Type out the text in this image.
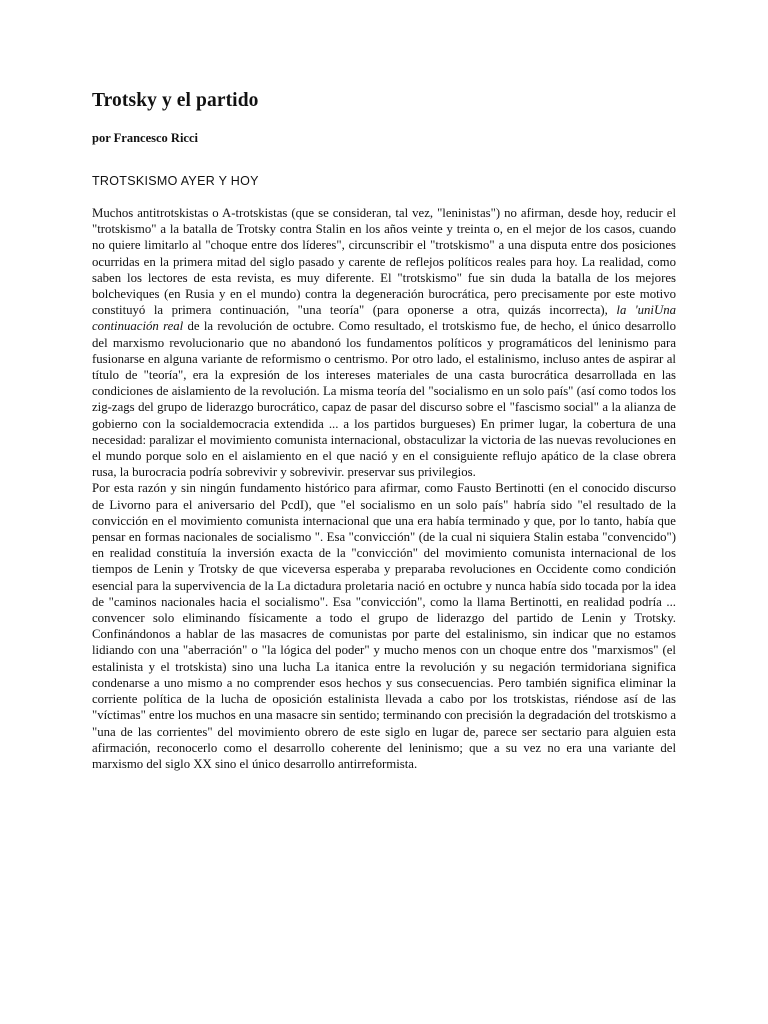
Trotsky y el partido
por Francesco Ricci
TROTSKISMO AYER Y HOY

Muchos antitrotskistas o A-trotskistas (que se consideran, tal vez, "leninistas") no afirman, desde hoy, reducir el "trotskismo" a la batalla de Trotsky contra Stalin en los años veinte y treinta o, en el mejor de los casos, cuando no quiere limitarlo al "choque entre dos líderes", circunscribir el "trotskismo" a una disputa entre dos posiciones ocurridas en la primera mitad del siglo pasado y carente de reflejos políticos reales para hoy. La realidad, como saben los lectores de esta revista, es muy diferente. El "trotskismo" fue sin duda la batalla de los mejores bolcheviques (en Rusia y en el mundo) contra la degeneración burocrática, pero precisamente por este motivo constituyó la primera continuación, "una teoría" (para oponerse a otra, quizás incorrecta), la 'uniUna continuación real de la revolución de octubre. Como resultado, el trotskismo fue, de hecho, el único desarrollo del marxismo revolucionario que no abandonó los fundamentos políticos y programáticos del leninismo para fusionarse en alguna variante de reformismo o centrismo. Por otro lado, el estalinismo, incluso antes de aspirar al título de "teoría", era la expresión de los intereses materiales de una casta burocrática desarrollada en las condiciones de aislamiento de la revolución. La misma teoría del "socialismo en un solo país" (así como todos los zig-zags del grupo de liderazgo burocrático, capaz de pasar del discurso sobre el "fascismo social" a la alianza de gobierno con la socialdemocracia extendida ... a los partidos burgueses) En primer lugar, la cobertura de una necesidad: paralizar el movimiento comunista internacional, obstaculizar la victoria de las nuevas revoluciones en el mundo porque solo en el aislamiento en el que nació y en el consiguiente reflujo apático de la clase obrera rusa, la burocracia podría sobrevivir y sobrevivir. preservar sus privilegios.

Por esta razón y sin ningún fundamento histórico para afirmar, como Fausto Bertinotti (en el conocido discurso de Livorno para el aniversario del PcdI), que "el socialismo en un solo país" habría sido "el resultado de la convicción en el movimiento comunista internacional que una era había terminado y que, por lo tanto, había que pensar en formas nacionales de socialismo ". Esa "convicción" (de la cual ni siquiera Stalin estaba "convencido") en realidad constituía la inversión exacta de la "convicción" del movimiento comunista internacional de los tiempos de Lenin y Trotsky de que viceversa esperaba y preparaba revoluciones en Occidente como condición esencial para la supervivencia de la La dictadura proletaria nació en octubre y nunca había sido tocada por la idea de "caminos nacionales hacia el socialismo". Esa "convicción", como la llama Bertinotti, en realidad podría ... convencer solo eliminando físicamente a todo el grupo de liderazgo del partido de Lenin y Trotsky. Confinándonos a hablar de las masacres de comunistas por parte del estalinismo, sin indicar que no estamos lidiando con una "aberración" o "la lógica del poder" y mucho menos con un choque entre dos "marxismos" (el estalinista y el trotskista) sino una lucha La itanica entre la revolución y su negación termidoriana significa condenarse a uno mismo a no comprender esos hechos y sus consecuencias. Pero también significa eliminar la corriente política de la lucha de oposición estalinista llevada a cabo por los trotskistas, riéndose así de las "víctimas" entre los muchos en una masacre sin sentido; terminando con precisión la degradación del trotskismo a "una de las corrientes" del movimiento obrero de este siglo en lugar de, parece ser sectario para alguien esta afirmación, reconocerlo como el desarrollo coherente del leninismo; que a su vez no era una variante del marxismo del siglo XX sino el único desarrollo antirreformista.
